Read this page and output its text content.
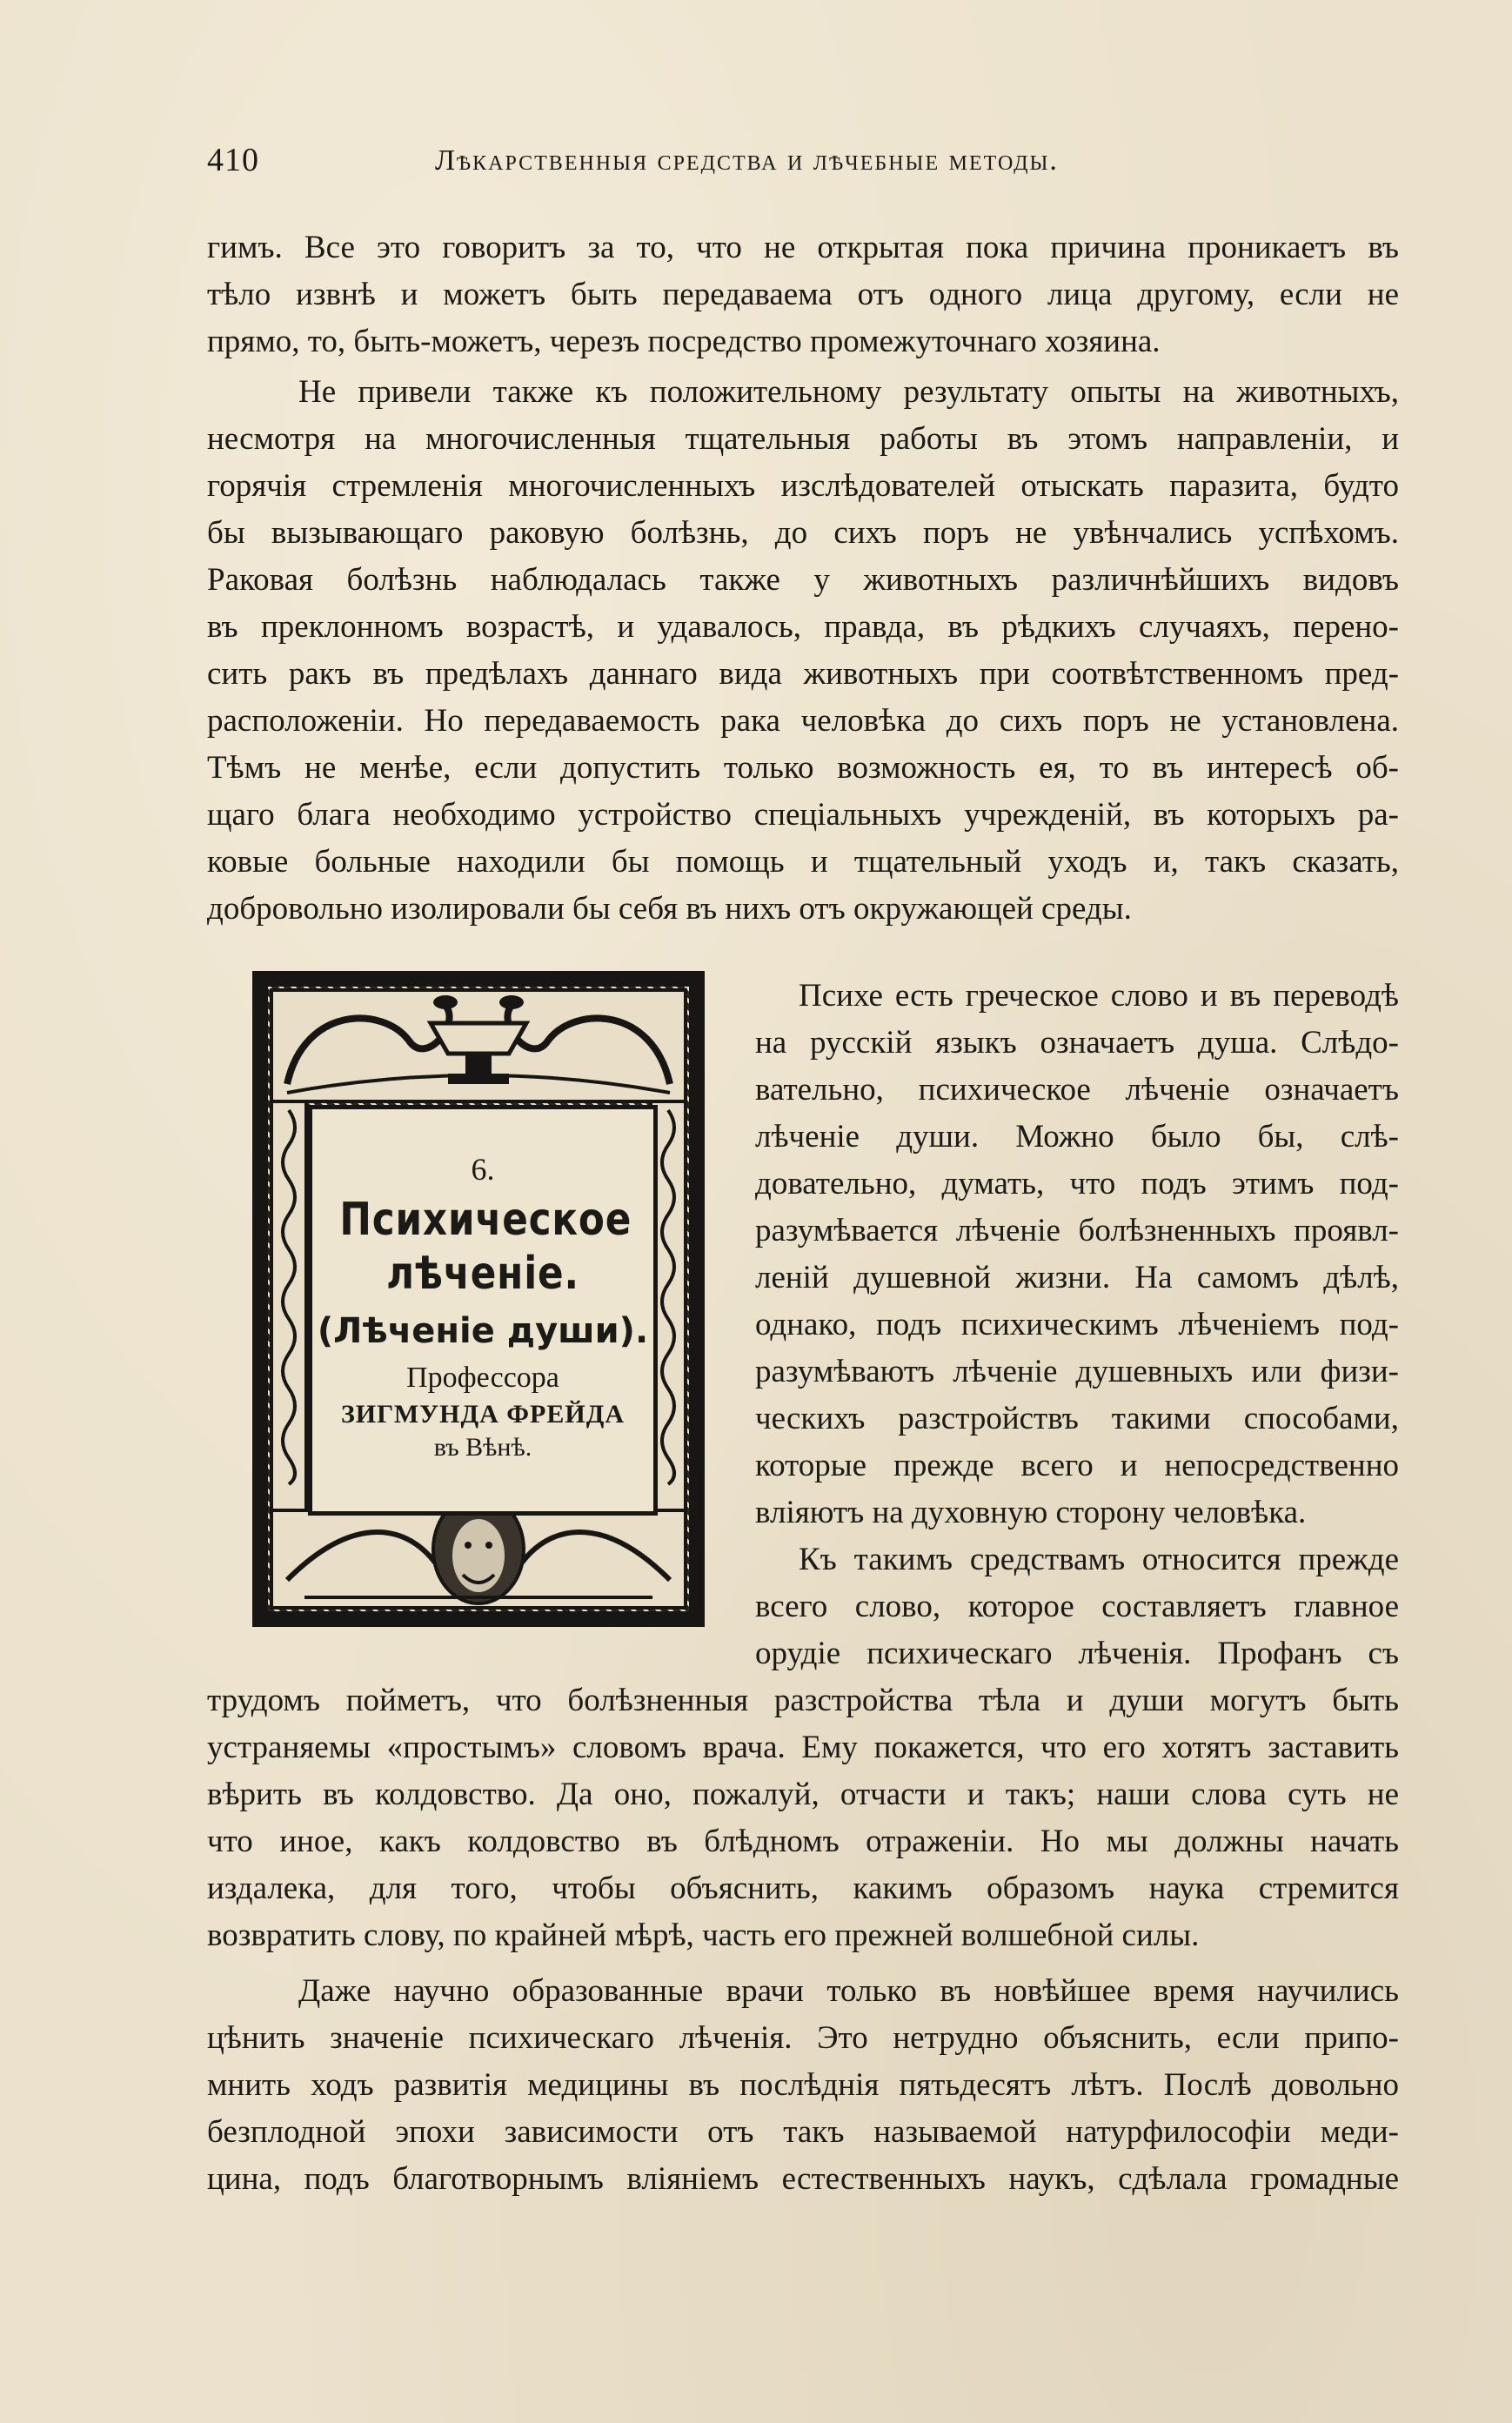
410	Лѣкарственныя средства и лѣчебные методы.
гимъ. Все это говоритъ за то, что не открытая пока причина проникаетъ въ
тѣло извнѣ и можетъ быть передаваема отъ одного лица другому, если не
прямо, то, быть-можетъ, черезъ посредство промежуточнаго хозяина.
Не привели также къ положительному результату опыты на животныхъ,
несмотря на многочисленныя тщательныя работы въ этомъ направленіи, и
горячія стремленія многочисленныхъ изслѣдователей отыскать паразита, будто
бы вызывающаго раковую болѣзнь, до сихъ поръ не увѣнчались успѣхомъ.
Раковая болѣзнь наблюдалась также у животныхъ различнѣйшихъ видовъ
въ преклонномъ возрастѣ, и удавалось, правда, въ рѣдкихъ случаяхъ, перено-
сить ракъ въ предѣлахъ даннаго вида животныхъ при соотвѣтственномъ пред-
расположеніи. Но передаваемость рака человѣка до сихъ поръ не установлена.
Тѣмъ не менѣе, если допустить только возможность ея, то въ интересѣ об-
щаго блага необходимо устройство спеціальныхъ учрежденій, въ которыхъ ра-
ковые больные находили бы помощь и тщательный уходъ и, такъ сказать,
добровольно изолировали бы себя въ нихъ отъ окружающей среды.
6.
Психическое
лѣченіе.
(Лѣченіе души).
Профессора
ЗИГМУНДА ФРЕЙДА
въ Вѣнѣ.
Психе есть греческое слово и въ переводѣ
на русскій языкъ означаетъ душа. Слѣдо-
вательно, психическое лѣченіе означаетъ
лѣченіе души. Можно было бы, слѣ-
довательно, думать, что подъ этимъ под-
разумѣвается лѣченіе болѣзненныхъ проявл-
леній душевной жизни. На самомъ дѣлѣ,
однако, подъ психическимъ лѣченіемъ под-
разумѣваютъ лѣченіе душевныхъ или физи-
ческихъ разстройствъ такими способами,
которые прежде всего и непосредственно
вліяютъ на духовную сторону человѣка.
Къ такимъ средствамъ относится прежде
всего слово, которое составляетъ главное
орудіе психическаго лѣченія. Профанъ съ
трудомъ пойметъ, что болѣзненныя разстройства тѣла и души могутъ быть
устраняемы «простымъ» словомъ врача. Ему покажется, что его хотятъ заставить
вѣрить въ колдовство. Да оно, пожалуй, отчасти и такъ; наши слова суть не
что иное, какъ колдовство въ блѣдномъ отраженіи. Но мы должны начать
издалека, для того, чтобы объяснить, какимъ образомъ наука стремится
возвратить слову, по крайней мѣрѣ, часть его прежней волшебной силы.
Даже научно образованные врачи только въ новѣйшее время научились
цѣнить значеніе психическаго лѣченія. Это нетрудно объяснить, если припо-
мнить ходъ развитія медицины въ послѣднія пятьдесятъ лѣтъ. Послѣ довольно
безплодной эпохи зависимости отъ такъ называемой натурфилософіи меди-
цина, подъ благотворнымъ вліяніемъ естественныхъ наукъ, сдѣлала громадные
